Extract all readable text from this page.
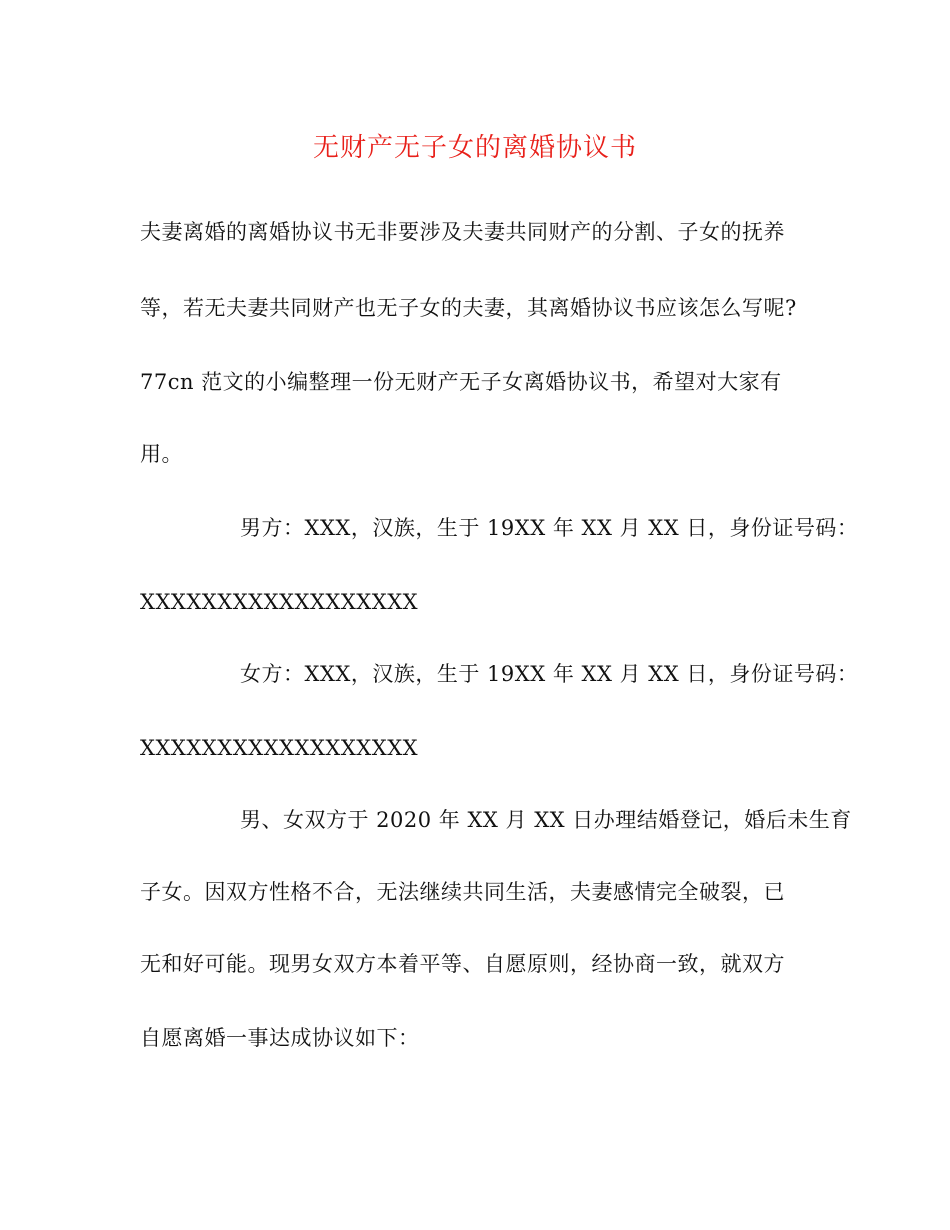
无财产无子女的离婚协议书
夫妻离婚的离婚协议书无非要涉及夫妻共同财产的分割、子女的抚养
等，若无夫妻共同财产也无子女的夫妻，其离婚协议书应该怎么写呢?
77cn 范文的小编整理一份无财产无子女离婚协议书，希望对大家有
用。
男方：XXX，汉族，生于 19XX 年 XX 月 XX 日，身份证号码：
XXXXXXXXXXXXXXXXXX
女方：XXX，汉族，生于 19XX 年 XX 月 XX 日，身份证号码：
XXXXXXXXXXXXXXXXXX
男、女双方于 2020 年 XX 月 XX 日办理结婚登记，婚后未生育
子女。因双方性格不合，无法继续共同生活，夫妻感情完全破裂，已
无和好可能。现男女双方本着平等、自愿原则，经协商一致，就双方
自愿离婚一事达成协议如下：
